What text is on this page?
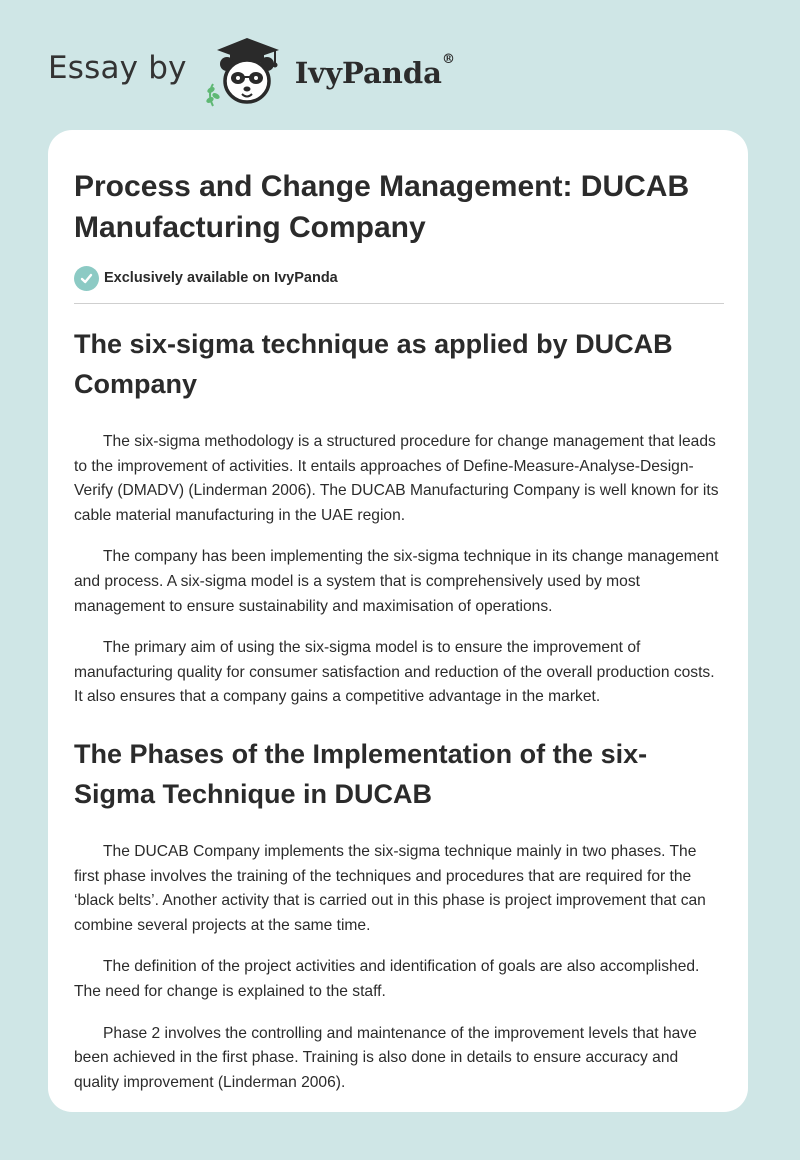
Essay by	IvyPanda®
Process and Change Management: DUCAB Manufacturing Company
Exclusively available on IvyPanda
The six-sigma technique as applied by DUCAB Company

The six-sigma methodology is a structured procedure for change management that leads to the improvement of activities. It entails approaches of Define-Measure-Analyse-Design-Verify (DMADV) (Linderman 2006). The DUCAB Manufacturing Company is well known for its cable material manufacturing in the UAE region.

The company has been implementing the six-sigma technique in its change management and process. A six-sigma model is a system that is comprehensively used by most management to ensure sustainability and maximisation of operations.

The primary aim of using the six-sigma model is to ensure the improvement of manufacturing quality for consumer satisfaction and reduction of the overall production costs. It also ensures that a company gains a competitive advantage in the market.

The Phases of the Implementation of the six-Sigma Technique in DUCAB

The DUCAB Company implements the six-sigma technique mainly in two phases. The first phase involves the training of the techniques and procedures that are required for the ‘black belts’. Another activity that is carried out in this phase is project improvement that can combine several projects at the same time.

The definition of the project activities and identification of goals are also accomplished. The need for change is explained to the staff.

Phase 2 involves the controlling and maintenance of the improvement levels that have been achieved in the first phase. Training is also done in details to ensure accuracy and quality improvement (Linderman 2006).
